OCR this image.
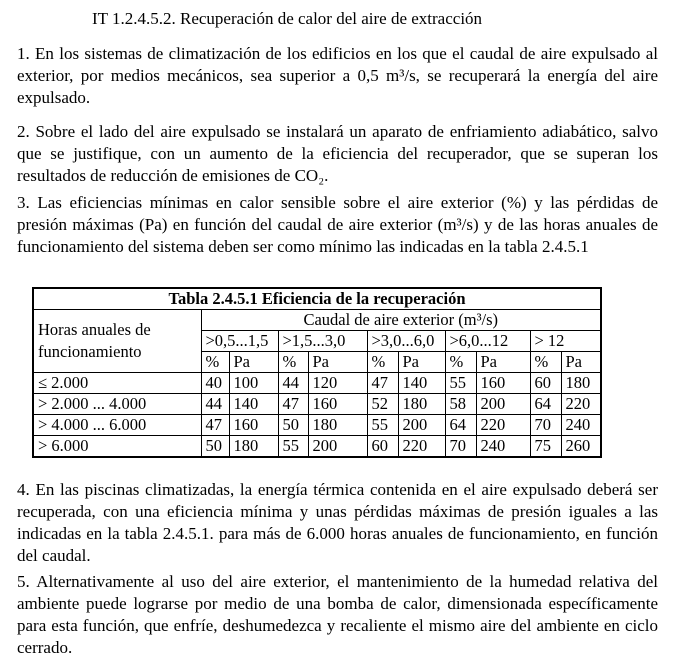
IT 1.2.4.5.2. Recuperación de calor del aire de extracción

1. En los sistemas de climatización de los edificios en los que el caudal de aire expulsado al exterior, por medios mecánicos, sea superior a 0,5 m³/s, se recuperará la energía del aire expulsado.

2. Sobre el lado del aire expulsado se instalará un aparato de enfriamiento adiabático, salvo que se justifique, con un aumento de la eficiencia del recuperador, que se superan los resultados de reducción de emisiones de CO₂.

3. Las eficiencias mínimas en calor sensible sobre el aire exterior (%) y las pérdidas de presión máximas (Pa) en función del caudal de aire exterior (m³/s) y de las horas anuales de funcionamiento del sistema deben ser como mínimo las indicadas en la tabla 2.4.5.1

Tabla 2.4.5.1 Eficiencia de la recuperación										
Horas anuales de funcionamiento	Caudal de aire exterior (m³/s)									
	>0,5...1,5		>1,5...3,0		>3,0...6,0		>6,0...12		> 12	
	%	Pa	%	Pa	%	Pa	%	Pa	%	Pa
≤ 2.000	40	100	44	120	47	140	55	160	60	180
> 2.000 ... 4.000	44	140	47	160	52	180	58	200	64	220
> 4.000 ... 6.000	47	160	50	180	55	200	64	220	70	240
> 6.000	50	180	55	200	60	220	70	240	75	260

4. En las piscinas climatizadas, la energía térmica contenida en el aire expulsado deberá ser recuperada, con una eficiencia mínima y unas pérdidas máximas de presión iguales a las indicadas en la tabla 2.4.5.1. para más de 6.000 horas anuales de funcionamiento, en función del caudal.

5. Alternativamente al uso del aire exterior, el mantenimiento de la humedad relativa del ambiente puede lograrse por medio de una bomba de calor, dimensionada específicamente para esta función, que enfríe, deshumedezca y recaliente el mismo aire del ambiente en ciclo cerrado.
